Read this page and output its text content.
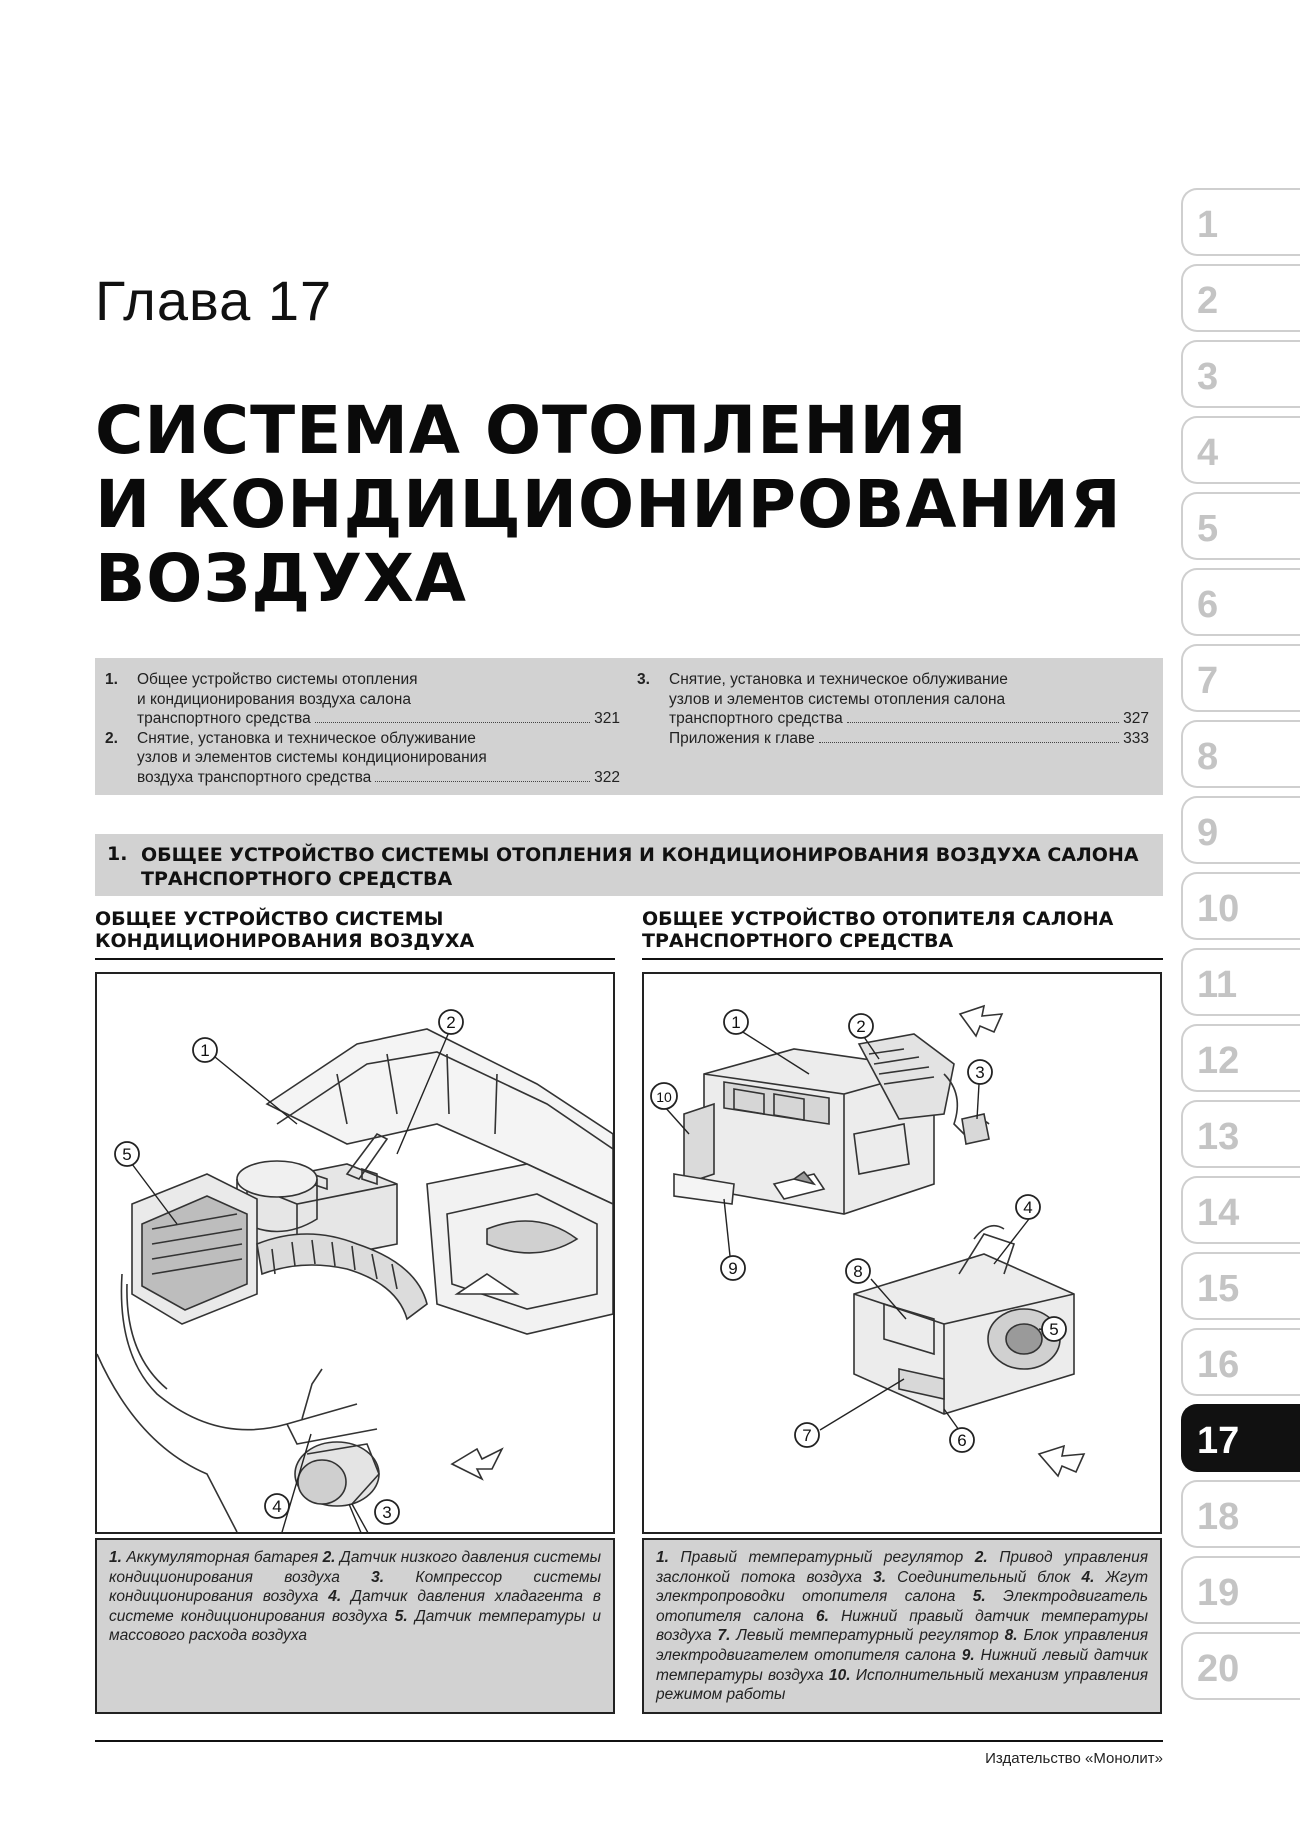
Глава 17
СИСТЕМА ОТОПЛЕНИЯ
И КОНДИЦИОНИРОВАНИЯ
ВОЗДУХА
1. Общее устройство системы отопления
и кондиционирования воздуха салона
транспортного средства	321
2. Снятие, установка и техническое облуживание
узлов и элементов системы кондиционирования
воздуха транспортного средства	322
3. Снятие, установка и техническое облуживание
узлов и элементов системы отопления салона
транспортного средства	327
Приложения к главе	333
1. ОБЩЕЕ УСТРОЙСТВО СИСТЕМЫ ОТОПЛЕНИЯ И КОНДИЦИОНИРОВАНИЯ ВОЗДУХА САЛОНА ТРАНСПОРТНОГО СРЕДСТВА
ОБЩЕЕ УСТРОЙСТВО СИСТЕМЫ
КОНДИЦИОНИРОВАНИЯ ВОЗДУХА
ОБЩЕЕ УСТРОЙСТВО ОТОПИТЕЛЯ САЛОНА
ТРАНСПОРТНОГО СРЕДСТВА
1
2
3
4
5
1	2
3
4
5
6
7
8
9
10
1. Аккумуляторная батарея 2. Датчик низкого давления системы кондиционирования воздуха 3. Компрессор системы кондиционирования воздуха 4. Датчик давления хладагента в системе кондиционирования воздуха 5. Датчик температуры и массового расхода воздуха
1. Правый температурный регулятор 2. Привод управления заслонкой потока воздуха 3. Соединительный блок 4. Жгут электропроводки отопителя салона 5. Электродвигатель отопителя салона 6. Нижний правый датчик температуры воздуха 7. Левый температурный регулятор 8. Блок управления электродвигателем отопителя салона 9. Нижний левый датчик температуры воздуха 10. Исполнительный механизм управления режимом работы
Издательство «Монолит»
1
2
3
4
5
6
7
8
9
10
11
12
13
14
15
16
17
18
19
20
